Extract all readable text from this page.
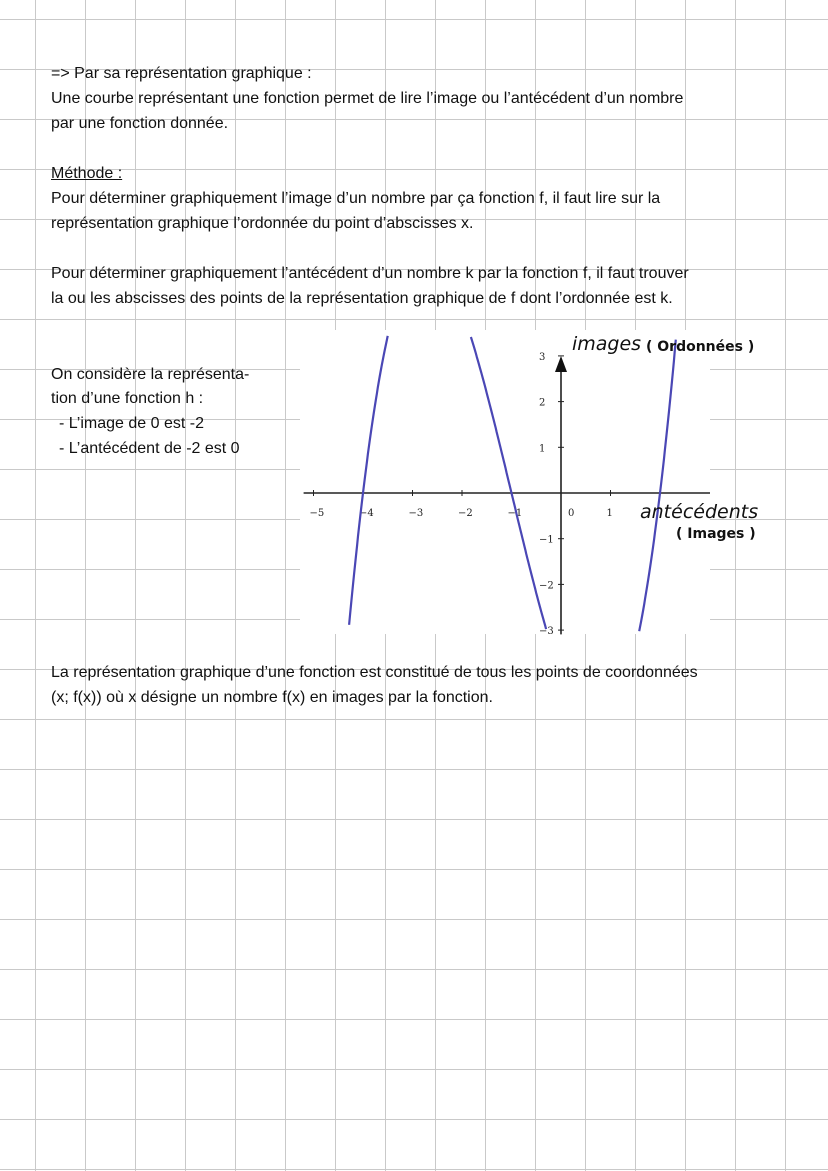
=> Par sa représentation graphique :
Une courbe représentant une fonction permet de lire l’image ou l’antécédent d’un nombre
par une fonction donnée.
Méthode :
Pour déterminer graphiquement l’image d’un nombre par ça fonction f, il faut lire sur la
représentation graphique l’ordonnée du point d’abscisses x.
Pour déterminer graphiquement l’antécédent d’un nombre k par la fonction f, il faut trouver
la ou les abscisses des points de la représentation graphique de f dont l’ordonnée est k.
On considère la représenta-
tion d’une fonction h :
- L’image de 0 est -2
- L’antécédent de -2 est 0
−5	−4	−3	−2	−1	0	1
3
2
1
−1
−2
−3
images ( Ordonnées )
antécédents
( Images )
La représentation graphique d’une fonction est constitué de tous les points de coordonnées
(x; f(x)) où x désigne un nombre f(x) en images par la fonction.
